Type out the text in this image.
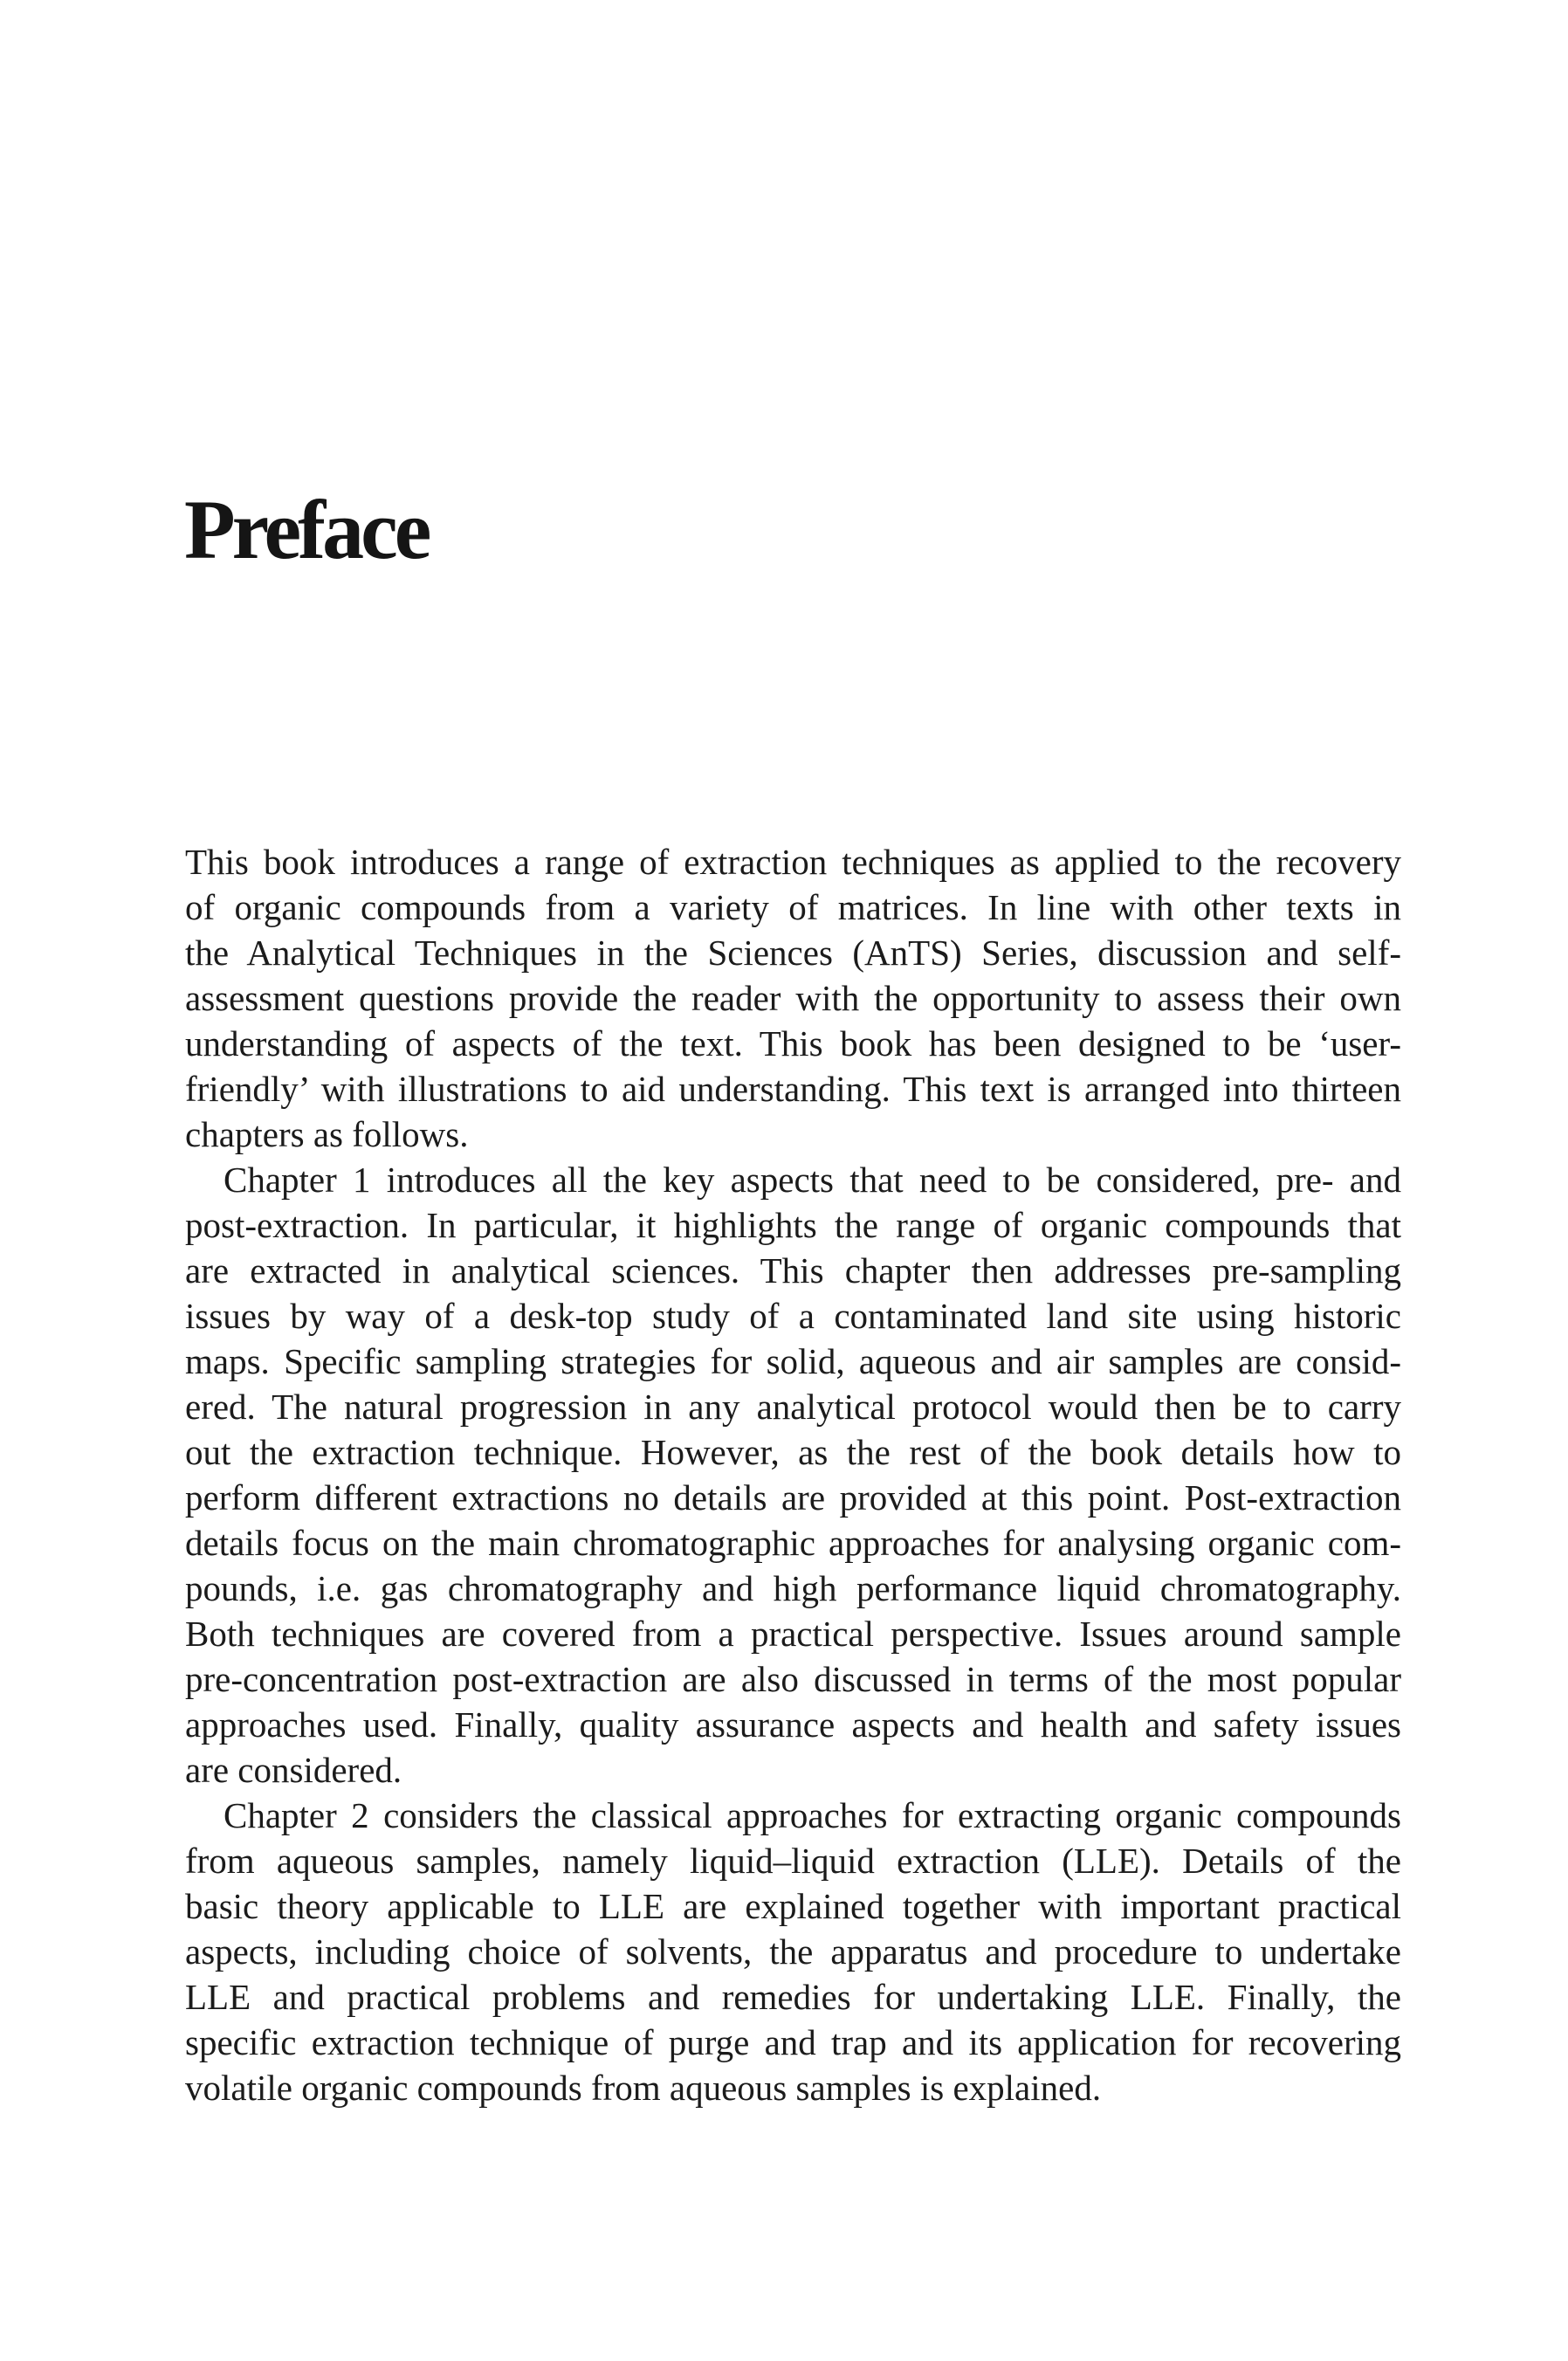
Preface
This book introduces a range of extraction techniques as applied to the recovery
of organic compounds from a variety of matrices. In line with other texts in
the Analytical Techniques in the Sciences (AnTS) Series, discussion and self-
assessment questions provide the reader with the opportunity to assess their own
understanding of aspects of the text. This book has been designed to be ‘user-
friendly’ with illustrations to aid understanding. This text is arranged into thirteen
chapters as follows.
Chapter 1 introduces all the key aspects that need to be considered, pre- and
post-extraction. In particular, it highlights the range of organic compounds that
are extracted in analytical sciences. This chapter then addresses pre-sampling
issues by way of a desk-top study of a contaminated land site using historic
maps. Specific sampling strategies for solid, aqueous and air samples are consid-
ered. The natural progression in any analytical protocol would then be to carry
out the extraction technique. However, as the rest of the book details how to
perform different extractions no details are provided at this point. Post-extraction
details focus on the main chromatographic approaches for analysing organic com-
pounds, i.e. gas chromatography and high performance liquid chromatography.
Both techniques are covered from a practical perspective. Issues around sample
pre-concentration post-extraction are also discussed in terms of the most popular
approaches used. Finally, quality assurance aspects and health and safety issues
are considered.
Chapter 2 considers the classical approaches for extracting organic compounds
from aqueous samples, namely liquid–liquid extraction (LLE). Details of the
basic theory applicable to LLE are explained together with important practical
aspects, including choice of solvents, the apparatus and procedure to undertake
LLE and practical problems and remedies for undertaking LLE. Finally, the
specific extraction technique of purge and trap and its application for recovering
volatile organic compounds from aqueous samples is explained.
